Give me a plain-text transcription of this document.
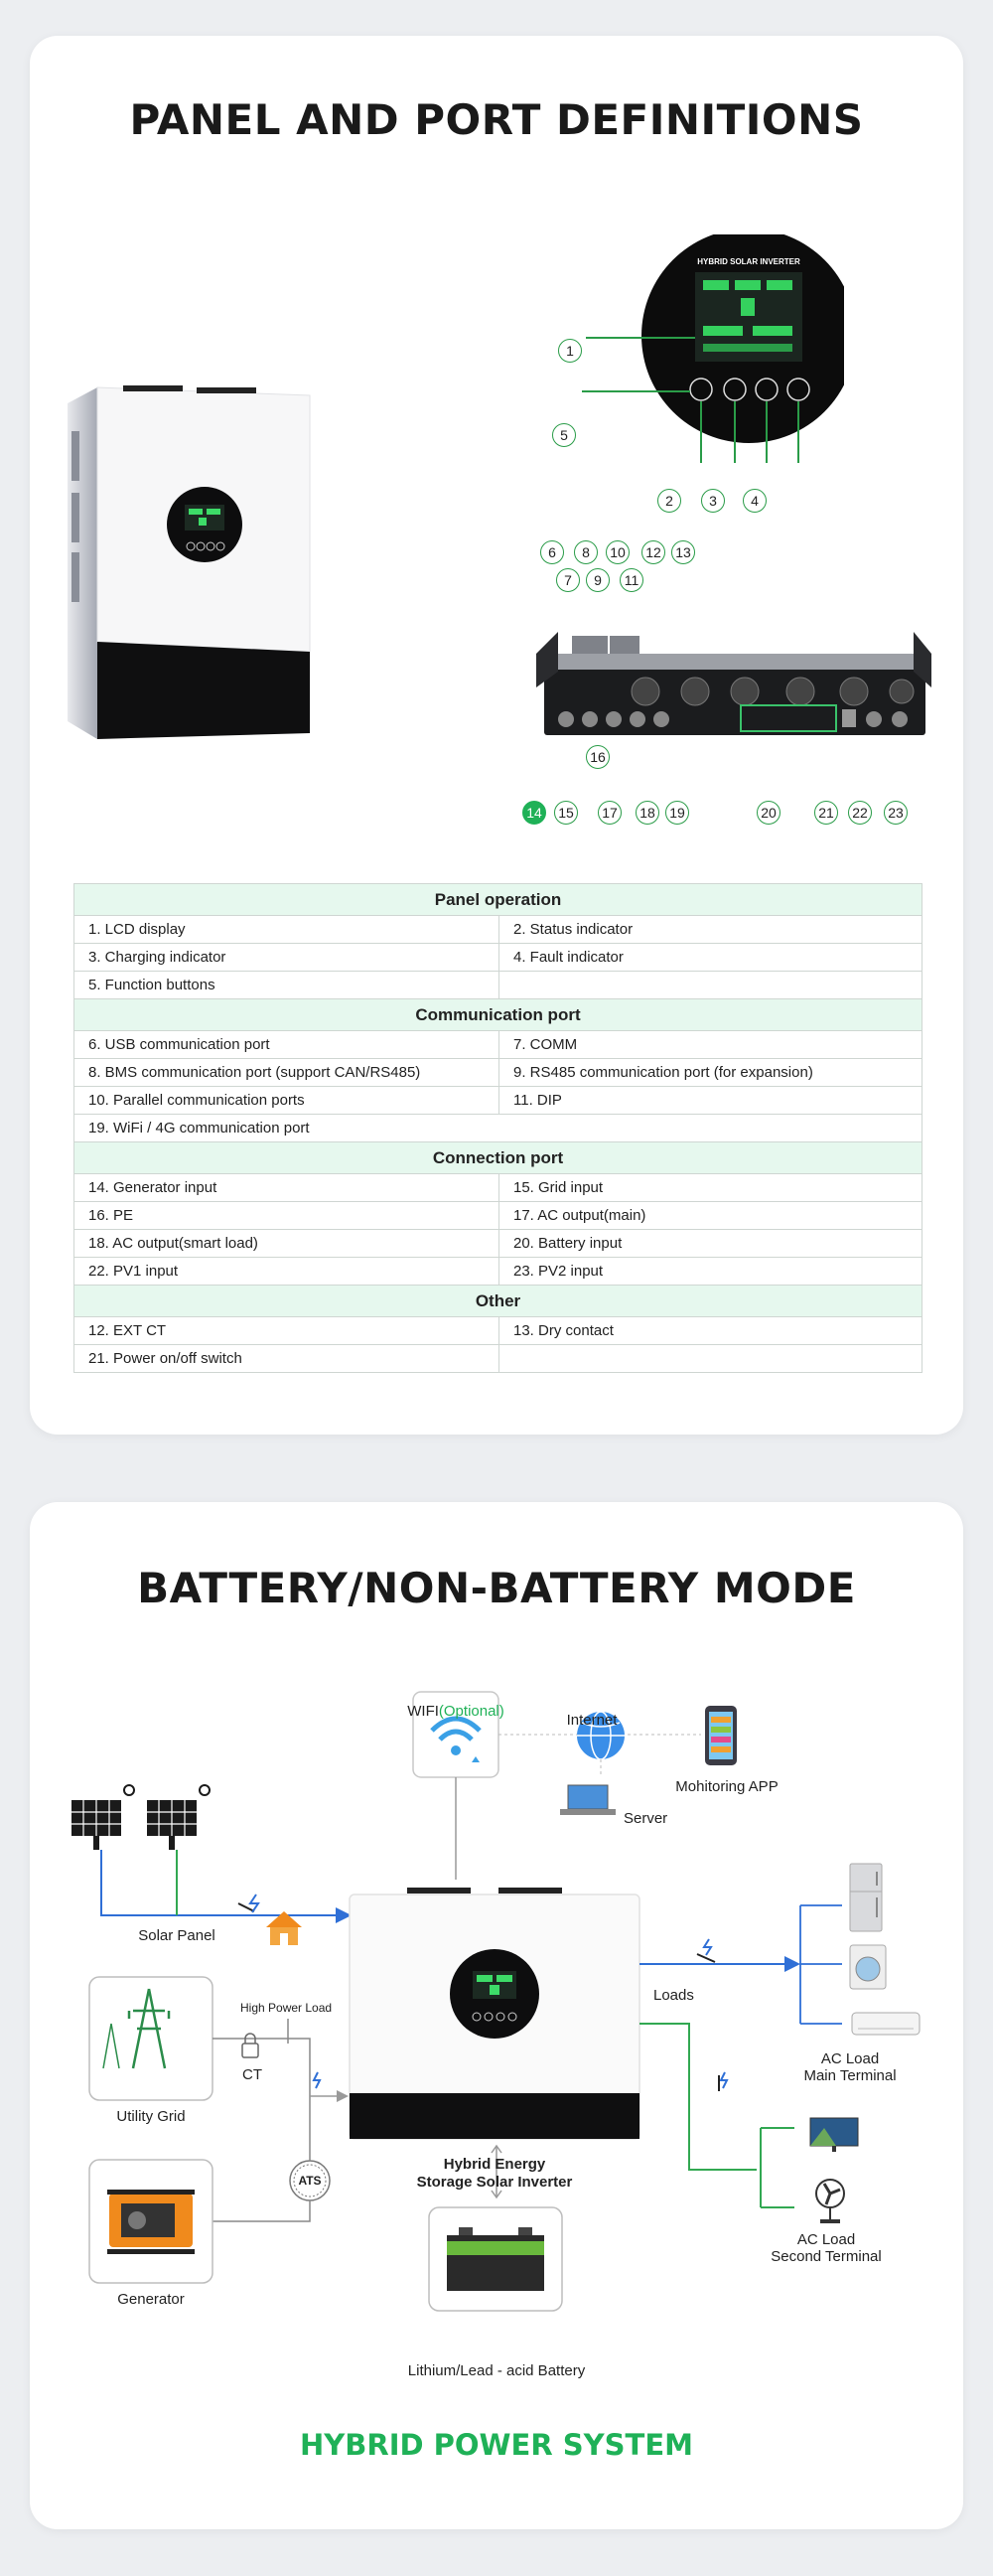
PANEL AND PORT DEFINITIONS
HYBRID SOLAR INVERTER
1
2	3	4
5
6
7
8
9
10
11
12	13
14	15
16
17	18	19	20	21	22	23
Panel operation	
1. LCD display	2. Status indicator
3. Charging indicator	4. Fault indicator
5. Function buttons	
Communication port	
6. USB communication port	7. COMM
8. BMS communication port (support CAN/RS485)	9. RS485 communication port (for expansion)
10. Parallel communication ports	11. DIP
19. WiFi / 4G communication port	
Connection port	
14. Generator input	15. Grid input
16. PE	17. AC output(main)
18. AC output(smart load)	20. Battery input
22. PV1 input	23. PV2 input
Other	
12. EXT CT	13. Dry contact
21. Power on/off switch	
BATTERY/NON-BATTERY MODE
WIFI(Optional)
Internet
Mohitoring APP
Server
Solar Panel
High Power Load
CT
Utility Grid
ATS
Generator
Loads
Hybrid Energy
Storage Solar Inverter
Lithium/Lead - acid Battery
AC Load
Main Terminal
AC Load
Second Terminal
HYBRID POWER SYSTEM
